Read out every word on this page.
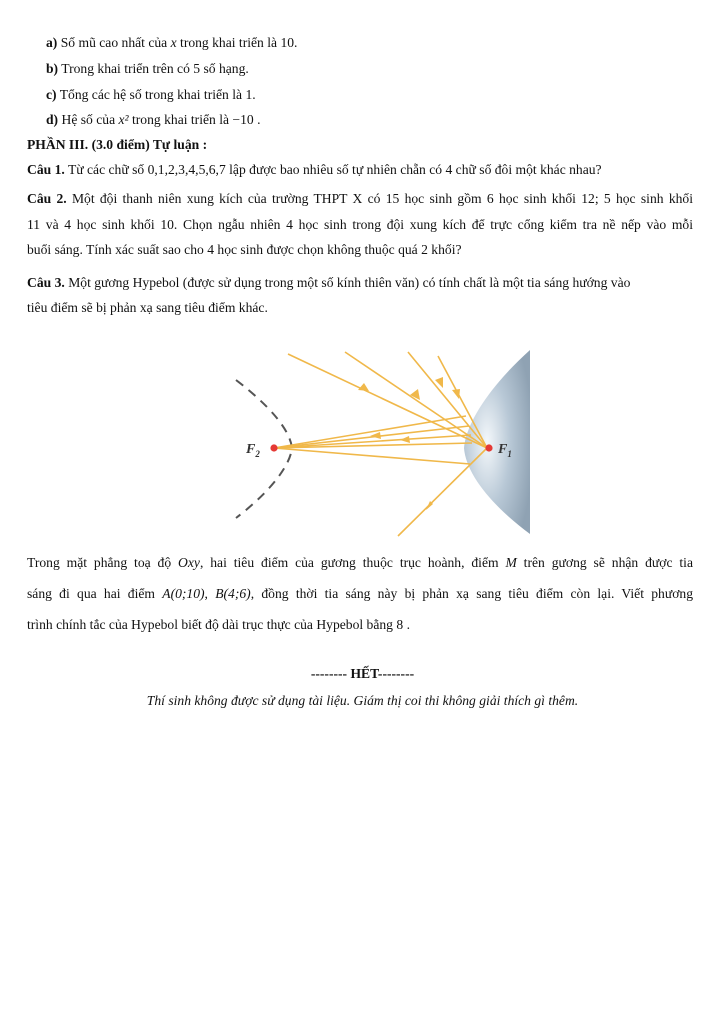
a) Số mũ cao nhất của x trong khai triển là 10.
b) Trong khai triển trên có 5 số hạng.
c) Tổng các hệ số trong khai triển là 1.
d) Hệ số của x² trong khai triển là −10 .
PHẦN III. (3.0 điểm) Tự luận :
Câu 1. Từ các chữ số 0,1,2,3,4,5,6,7 lập được bao nhiêu số tự nhiên chẵn có 4 chữ số đôi một khác nhau?
Câu 2. Một đội thanh niên xung kích của trường THPT X có 15 học sinh gồm 6 học sinh khối 12; 5 học sinh khối
11 và 4 học sinh khối 10. Chọn ngẫu nhiên 4 học sinh trong đội xung kích để trực cổng kiểm tra nề nếp vào mỗi
buổi sáng. Tính xác suất sao cho 4 học sinh được chọn không thuộc quá 2 khối?
Câu 3. Một gương Hypebol (được sử dụng trong một số kính thiên văn) có tính chất là một tia sáng hướng vào
tiêu điểm sẽ bị phản xạ sang tiêu điểm khác.
$F_2$	$F_1$
Trong mặt phẳng toạ độ Oxy, hai tiêu điểm của gương thuộc trục hoành, điểm M trên gương sẽ nhận được tia
sáng đi qua hai điểm A(0;10), B(4;6), đồng thời tia sáng này bị phản xạ sang tiêu điểm còn lại. Viết phương
trình chính tắc của Hypebol biết độ dài trục thực của Hypebol bằng 8 .
-------- HẾT--------
Thí sinh không được sử dụng tài liệu. Giám thị coi thi không giải thích gì thêm.
